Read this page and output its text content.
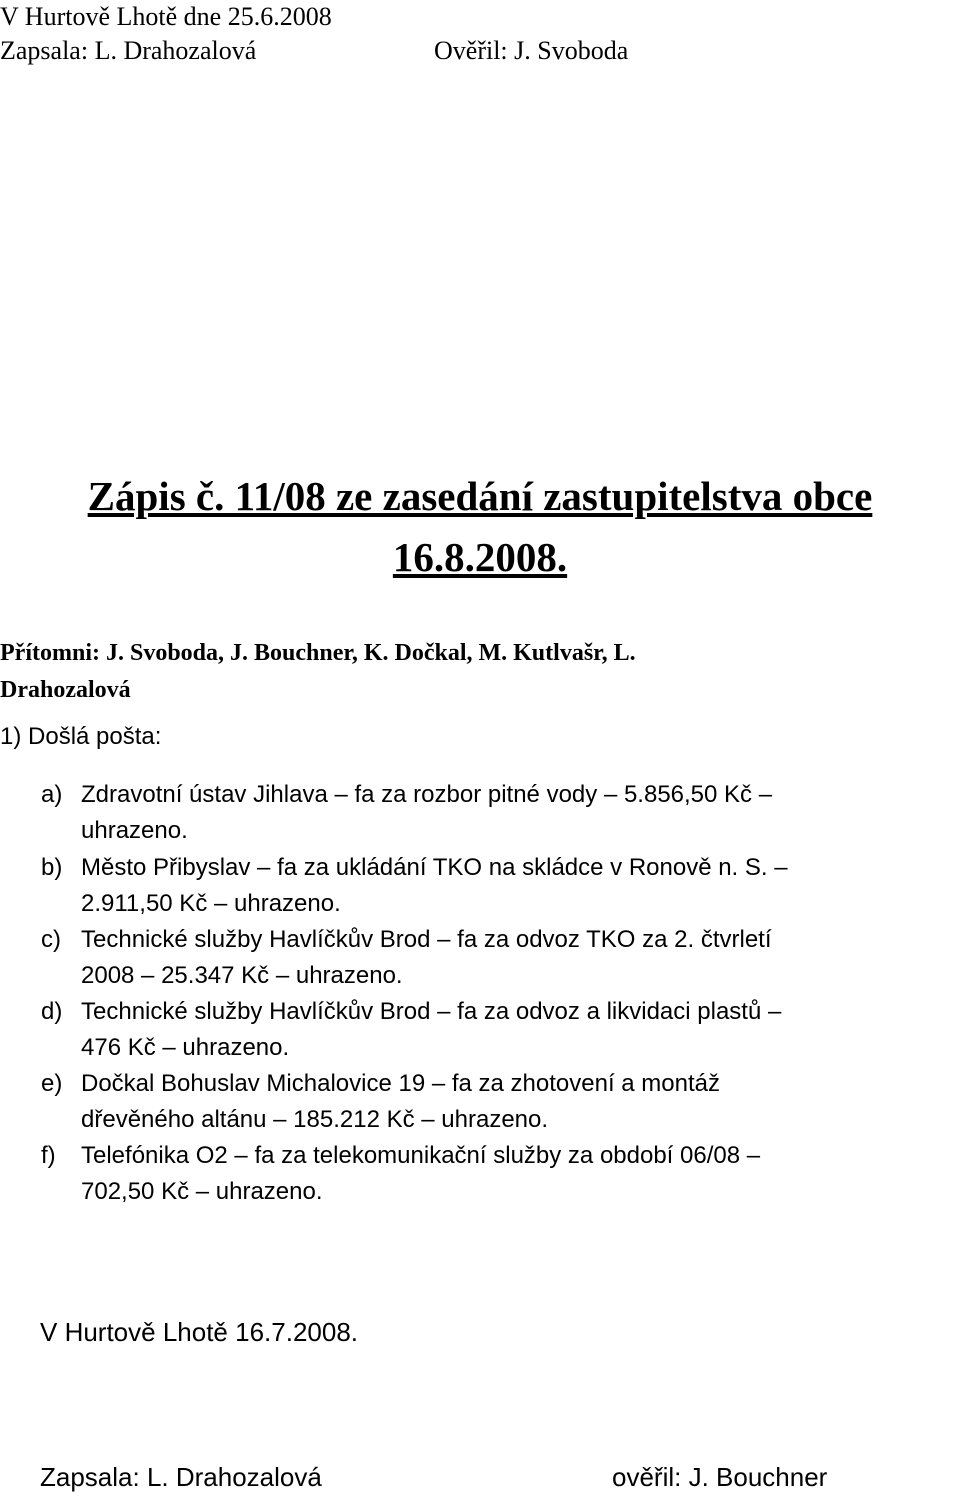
V Hurtově Lhotě dne 25.6.2008
Zapsala: L. Drahozalová	Ověřil: J. Svoboda
Zápis č. 11/08 ze zasedání zastupitelstva obce
16.8.2008.
Přítomni: J. Svoboda, J. Bouchner, K. Dočkal, M. Kutlvašr, L.
Drahozalová
1) Došlá pošta:
a) Zdravotní ústav Jihlava – fa za rozbor pitné vody – 5.856,50 Kč –
uhrazeno.
b) Město Přibyslav – fa za ukládání TKO na skládce v Ronově n. S. –
2.911,50 Kč – uhrazeno.
c) Technické služby Havlíčkův Brod – fa za odvoz TKO za 2. čtvrletí
2008 – 25.347 Kč – uhrazeno.
d) Technické služby Havlíčkův Brod – fa za odvoz a likvidaci plastů –
476 Kč – uhrazeno.
e) Dočkal Bohuslav Michalovice 19 – fa za zhotovení a montáž
dřevěného altánu – 185.212 Kč – uhrazeno.
f) Telefónika O2 – fa za telekomunikační služby za období 06/08 –
702,50 Kč – uhrazeno.
V Hurtově Lhotě 16.7.2008.
Zapsala: L. Drahozalová	ověřil: J. Bouchner
